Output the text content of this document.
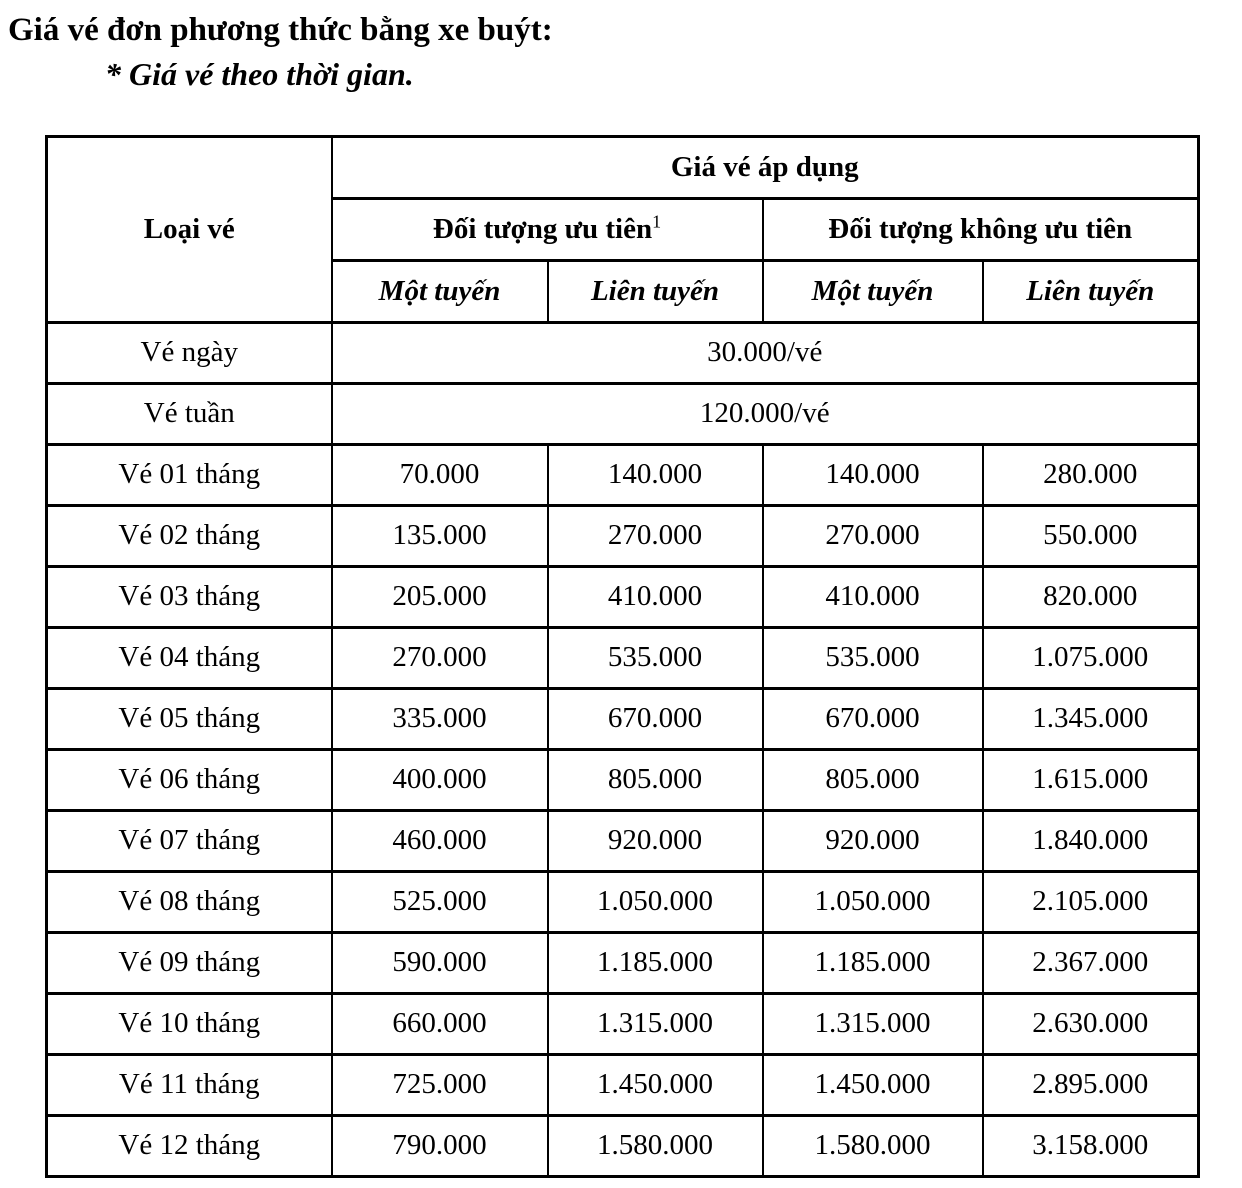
Giá vé đơn phương thức bằng xe buýt:
* Giá vé theo thời gian.
Loại vé	Giá vé áp dụng			
	Đối tượng ưu tiên$^1$		Đối tượng không ưu tiên	
	Một tuyến	Liên tuyến	Một tuyến	Liên tuyến
Vé ngày	30.000/vé			
Vé tuần	120.000/vé			
Vé 01 tháng	70.000	140.000	140.000	280.000
Vé 02 tháng	135.000	270.000	270.000	550.000
Vé 03 tháng	205.000	410.000	410.000	820.000
Vé 04 tháng	270.000	535.000	535.000	1.075.000
Vé 05 tháng	335.000	670.000	670.000	1.345.000
Vé 06 tháng	400.000	805.000	805.000	1.615.000
Vé 07 tháng	460.000	920.000	920.000	1.840.000
Vé 08 tháng	525.000	1.050.000	1.050.000	2.105.000
Vé 09 tháng	590.000	1.185.000	1.185.000	2.367.000
Vé 10 tháng	660.000	1.315.000	1.315.000	2.630.000
Vé 11 tháng	725.000	1.450.000	1.450.000	2.895.000
Vé 12 tháng	790.000	1.580.000	1.580.000	3.158.000
